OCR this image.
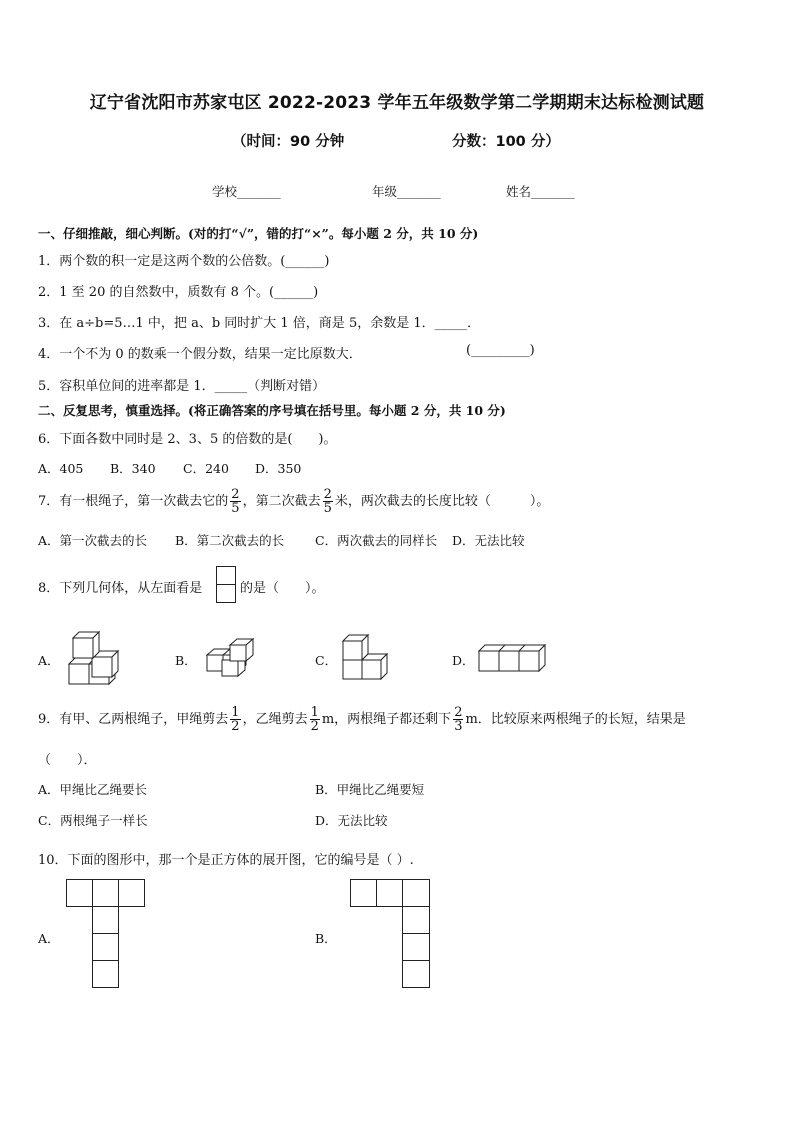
辽宁省沈阳市苏家屯区 2022-2023 学年五年级数学第二学期期末达标检测试题
（时间：90 分钟	分数：100 分）
学校_______	年级_______	姓名_______
一、仔细推敲，细心判断。(对的打“√”，错的打“×”。每小题 2 分，共 10 分)
1．两个数的积一定是这两个数的公倍数。(______)
2．1 至 20 的自然数中，质数有 8 个。(______)
3．在 a÷b=5…1 中，把 a、b 同时扩大 1 倍，商是 5，余数是 1．_____．
4．一个不为 0 的数乘一个假分数，结果一定比原数大．	(_________)
5．容积单位间的进率都是 1．_____（判断对错）
二、反复思考，慎重选择。(将正确答案的序号填在括号里。每小题 2 分，共 10 分)
6．下面各数中同时是 2、3、5 的倍数的是(　　)。
A．405 B．340 C．240 D．350
7．有一根绳子，第一次截去它的 $\frac{2}{5}$ ，第二次截去 $\frac{2}{5}$ 米，两次截去的长度比较（　　　）。
A．第一次截去的长 B．第二次截去的长 C．两次截去的同样长 D．无法比较
8．下列几何体，从左面看是	的是（　　）。
A．	B．	C．	D．
9．有甲、乙两根绳子，甲绳剪去 $\frac{1}{2}$ ，乙绳剪去 $\frac{1}{2}$ m，两根绳子都还剩下 $\frac{2}{3}$ m．比较原来两根绳子的长短，结果是
（　　）．
A．甲绳比乙绳要长	B．甲绳比乙绳要短
C．两根绳子一样长	D．无法比较
10．下面的图形中，那一个是正方体的展开图，它的编号是（ ）.
A．	B．
